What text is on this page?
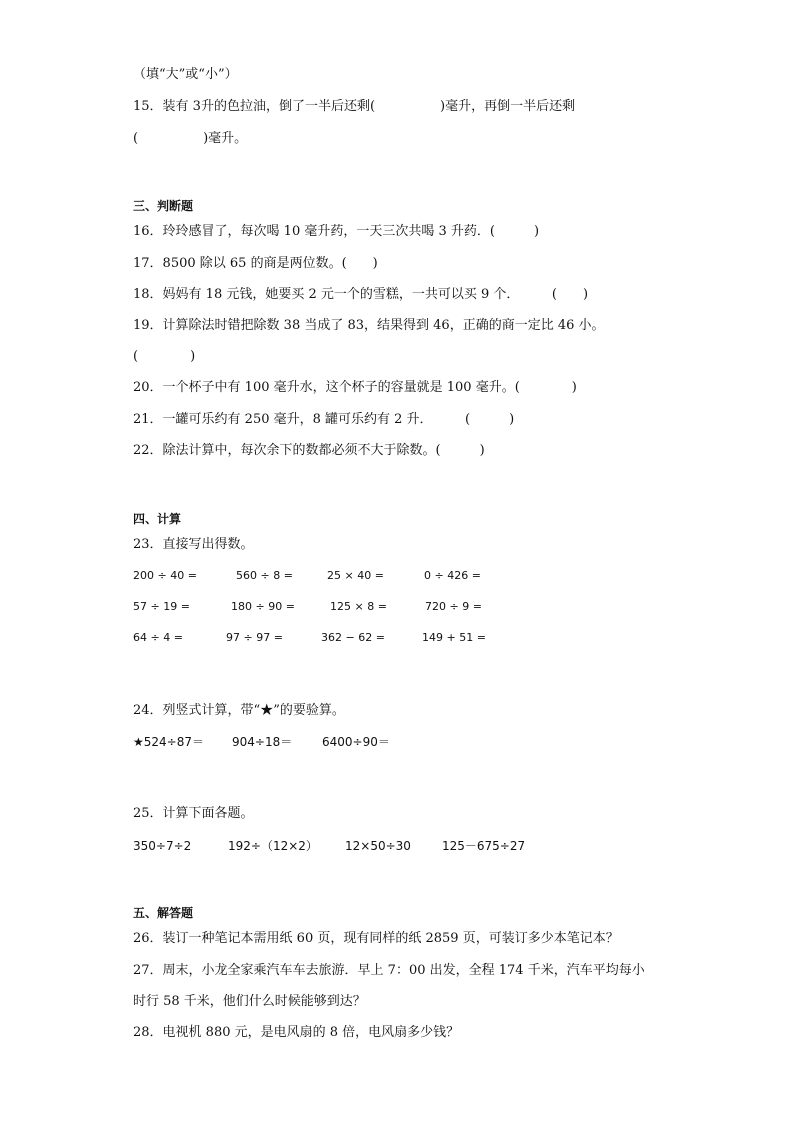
（填“大”或“小”）
15．装有 3升的色拉油，倒了一半后还剩(　　　　　)毫升，再倒一半后还剩
(　　　　　)毫升。
三、判断题
16．玲玲感冒了，每次喝 10 毫升药，一天三次共喝 3 升药．(　　　)
17．8500 除以 65 的商是两位数。(　　)
18．妈妈有 18 元钱，她要买 2 元一个的雪糕，一共可以买 9 个．　　　(　　)
19．计算除法时错把除数 38 当成了 83，结果得到 46，正确的商一定比 46 小。
(　　　　)
20．一个杯子中有 100 毫升水，这个杯子的容量就是 100 毫升。(　　　　)
21．一罐可乐约有 250 毫升，8 罐可乐约有 2 升．　　　(　　　)
22．除法计算中，每次余下的数都必须不大于除数。(　　　)
四、计算
23．直接写出得数。
200 ÷ 40 =	560 ÷ 8 =	25 × 40 =	0 ÷ 426 =
57 ÷ 19 =	180 ÷ 90 =	125 × 8 =	720 ÷ 9 =
64 ÷ 4 =	97 ÷ 97 =	362 − 62 =	149 + 51 =
24．列竖式计算，带“★”的要验算。
★524÷87＝ 904÷18＝ 6400÷90＝
25．计算下面各题。
350÷7÷2	192÷（12×2） 12×50÷30	125－675÷27
五、解答题
26．装订一种笔记本需用纸 60 页，现有同样的纸 2859 页，可装订多少本笔记本？
27．周末，小龙全家乘汽车车去旅游．早上 7：00 出发，全程 174 千米，汽车平均每小
时行 58 千米，他们什么时候能够到达？
28．电视机 880 元，是电风扇的 8 倍，电风扇多少钱？
